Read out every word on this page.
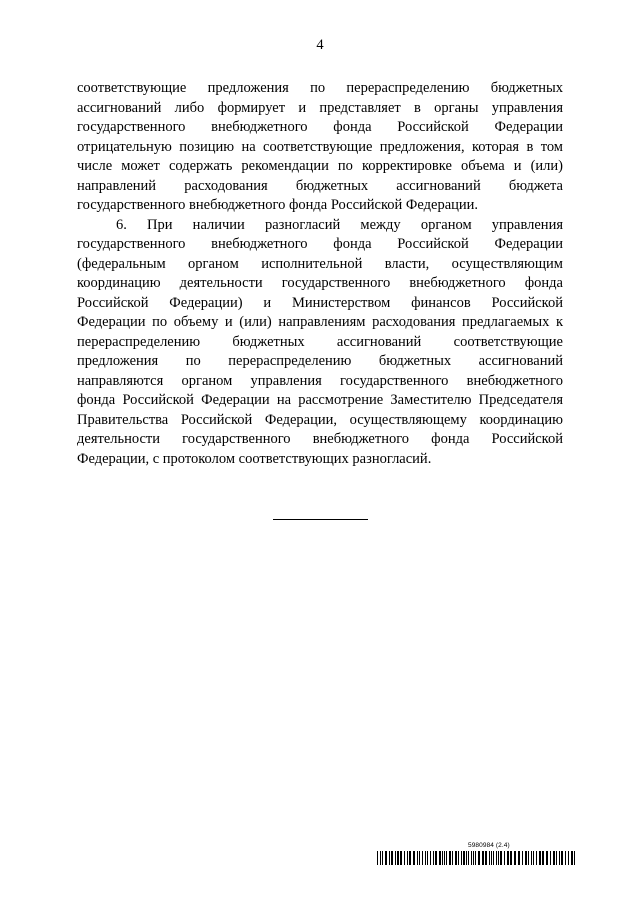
4

соответствующие предложения по перераспределению бюджетных
ассигнований либо формирует и представляет в органы управления
государственного внебюджетного фонда Российской Федерации
отрицательную позицию на соответствующие предложения, которая в том
числе может содержать рекомендации по корректировке объема и (или)
направлений расходования бюджетных ассигнований бюджета
государственного внебюджетного фонда Российской Федерации.

6. При наличии разногласий между органом управления
государственного внебюджетного фонда Российской Федерации
(федеральным органом исполнительной власти, осуществляющим
координацию деятельности государственного внебюджетного фонда
Российской Федерации) и Министерством финансов Российской
Федерации по объему и (или) направлениям расходования предлагаемых к
перераспределению бюджетных ассигнований соответствующие
предложения по перераспределению бюджетных ассигнований
направляются органом управления государственного внебюджетного
фонда Российской Федерации на рассмотрение Заместителю Председателя
Правительства Российской Федерации, осуществляющему координацию
деятельности государственного внебюджетного фонда Российской
Федерации, с протоколом соответствующих разногласий.

5980984 (2.4)
